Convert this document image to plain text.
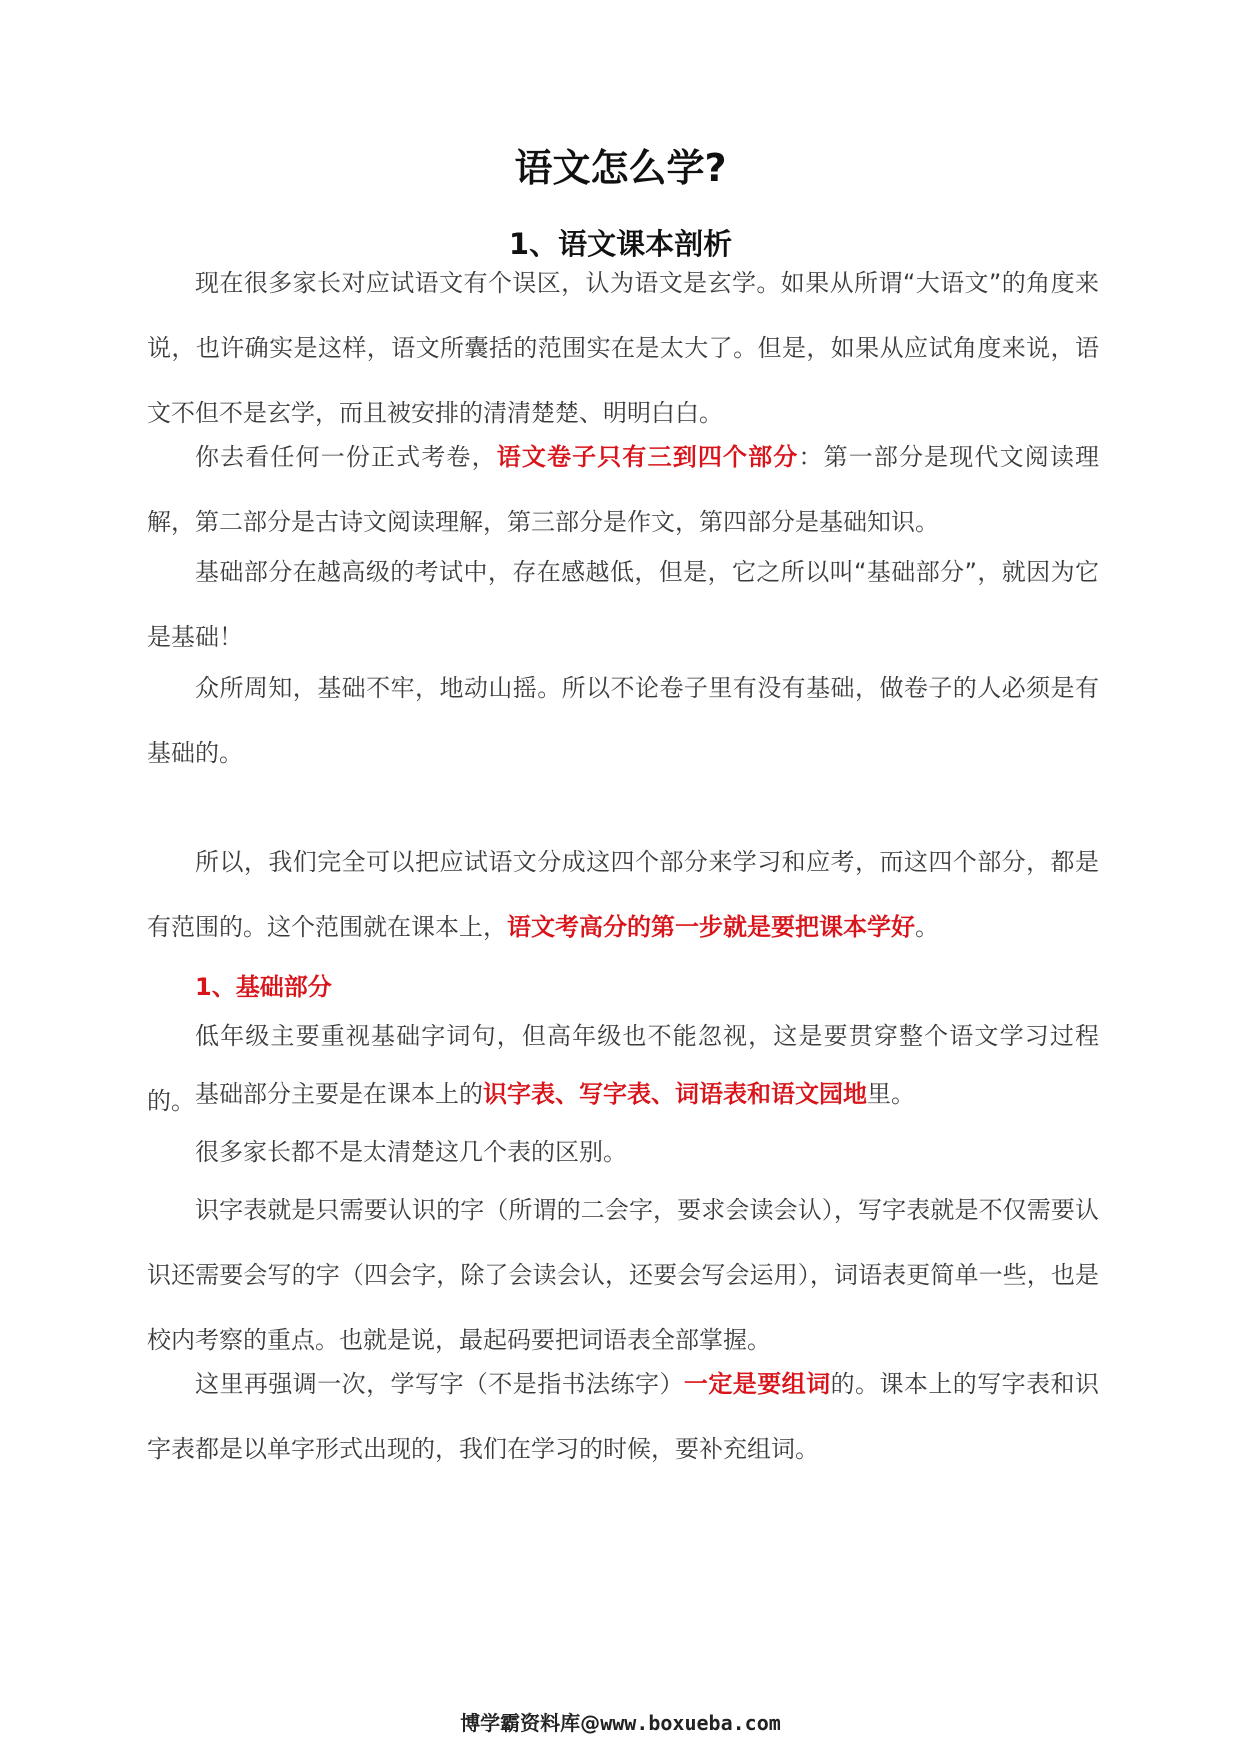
语文怎么学?
1、语文课本剖析

现在很多家长对应试语文有个误区，认为语文是玄学。如果从所谓“大语文”的角度来说，也许确实是这样，语文所囊括的范围实在是太大了。但是，如果从应试角度来说，语文不但不是玄学，而且被安排的清清楚楚、明明白白。

你去看任何一份正式考卷，语文卷子只有三到四个部分：第一部分是现代文阅读理解，第二部分是古诗文阅读理解，第三部分是作文，第四部分是基础知识。

基础部分在越高级的考试中，存在感越低，但是，它之所以叫“基础部分”，就因为它是基础！

众所周知，基础不牢，地动山摇。所以不论卷子里有没有基础，做卷子的人必须是有基础的。

所以，我们完全可以把应试语文分成这四个部分来学习和应考，而这四个部分，都是有范围的。这个范围就在课本上，语文考高分的第一步就是要把课本学好。

1、基础部分

低年级主要重视基础字词句，但高年级也不能忽视，这是要贯穿整个语文学习过程的。 基础部分主要是在课本上的识字表、写字表、词语表和语文园地里。

很多家长都不是太清楚这几个表的区别。

识字表就是只需要认识的字（所谓的二会字，要求会读会认），写字表就是不仅需要认识还需要会写的字（四会字，除了会读会认，还要会写会运用），词语表更简单一些，也是校内考察的重点。也就是说，最起码要把词语表全部掌握。

这里再强调一次，学写字（不是指书法练字）一定是要组词的。课本上的写字表和识字表都是以单字形式出现的，我们在学习的时候，要补充组词。

博学霸资料库@www.boxueba.com
